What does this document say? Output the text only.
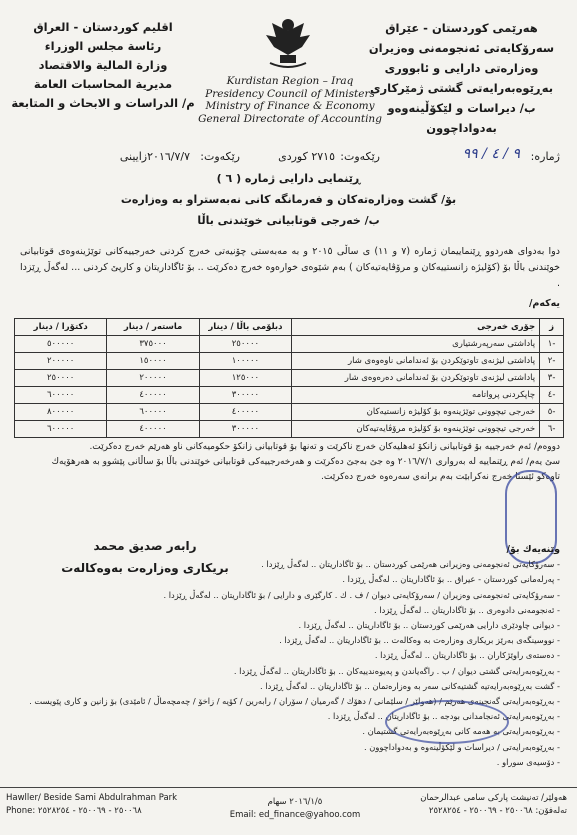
هەرێمی كوردستان - عێراق
سەرۆكایەتی ئەنجومەنی وەزیران
وەزارەتی دارایی و ئابووری
بەڕێوەبەرایەتی گشتی ژمێركاری
ب/ دیراسات و لێكۆڵینەوەو بەدواداچوون
اقليم كوردستان - العراق
رئاسة مجلس الوزراء
وزارة المالية والاقتصاد
مديرية المحاسبات العامة
م/ الدراسات و الابحاث و المتابعة
Kurdistan Region – Iraq
Presidency Council of Ministers
Ministry of Finance & Economy
General Directorate of Accounting
ژمارە:
٩ / ٤ / ٩٩
رێكەوت:
٢٧١٥ كوردی
رێكەوت:
٢٠١٦/٧/٧زایینی
ڕێنمایی دارایی ژمارە ( ٦ )
بۆ/ گشت وەزارەتەكان و فەرمانگە كانی نەبەستراو بە وەزارەت
ب/ خەرجی قوتابیانی خوێندنی باڵا
دوا بەدوای هەردوو ڕێنماییمان ژمارە (٧ و ١١) ی ساڵی ٢٠١٥ و بە مەبەستی چۆنیەتی خەرج كردنی خەرجییەكانی توێژینەوەی قوتابیانی خوێندنی باڵا بۆ (كۆلیژە زانستییەكان و مرۆڤایەتیەكان ) بەم شێوەی خوارەوە خەرج دەكرێت .. بۆ ئاگاداریتان و كارپێ كردنی ... لەگەڵ ڕێزدا .
یەكەم/
ز	جۆری خەرجی	دبلۆمی باڵا / دینار	ماستەر / دینار	دكتۆرا / دینار
-١	پاداشتی سەرپەرشتیاری	٢٥٠٠٠٠	٣٧٥٠٠٠	٥٠٠٠٠٠
-٢	پاداشتی لیژنەی تاوتوێكردن بۆ ئەندامانی ناوەوەی شار	١٠٠٠٠٠	١٥٠٠٠٠	٢٠٠٠٠٠
-٣	پاداشتی لیژنەی تاوتوێكردن بۆ ئەندامانی دەرەوەی شار	١٢٥٠٠٠	٢٠٠٠٠٠	٢٥٠٠٠٠
-٤	چاپكردنی پرواتامە	٣٠٠٠٠٠	٤٠٠٠٠٠	٦٠٠٠٠٠
-٥	خەرجی تیچوونی توێژینەوە بۆ كۆلیژە زانستیەكان	٤٠٠٠٠٠	٦٠٠٠٠٠	٨٠٠٠٠٠
-٦	خەرجی تیچوونی توێژینەوە بۆ كۆلیژە مرۆڤایەتیەكان	٣٠٠٠٠٠	٤٠٠٠٠٠	٦٠٠٠٠٠
دووەم/ ئەم خەرجییە بۆ قوتابیانی زانكۆ ئەهلیەكان خەرج ناكرێت و تەنها بۆ قوتابیانی زانكۆ حكومیەكانی ناو هەرێم خەرج دەكرێت.
سێ یەم/ ئەم ڕێنماییە لە بەرواری ٢٠١٦/٧/١ وە جێ بەجێ دەكرێت و هەرخەرجییەكی قوتابیانی خوێندنی باڵا بۆ ساڵانی پێشوو بە هەرهۆیەك
تاوەكو ئێستا خەرج نەكرابێت بەم برانەی سەرەوە خەرج دەكرێت.
رابەر صدیق محمد
بریكاری وەزارەت بەوەكالەت
وێنەیەك بۆ/
- سەرۆكایەتی ئەنجومەنی وەزیرانی هەرێمی كوردستان .. بۆ ئاگاداریتان .. لەگەڵ ڕێزدا .
- پەرلەمانی كوردستان - عیراق .. بۆ ئاگاداریتان .. لەگەڵ ڕێزدا .
- سەرۆكایەتی ئەنجومەنی وەزیران / سەرۆكایەتی دیوان / ف . ك . كارگێری و دارایی / بۆ ئاگاداریتان .. لەگەڵ ڕێزدا .
- ئەنجومەنی دادوەری .. بۆ ئاگاداریتان .. لەگەڵ ڕێزدا .
- دیوانی چاودێری دارایی هەرێمی كوردستان .. بۆ ئاگاداریتان .. لەگەڵ ڕێزدا .
- نووسینگەی بەرێز بریكاری وەزارەت بە وەكالەت .. بۆ ئاگاداریتان .. لەگەڵ ڕێزدا .
- دەستەی راوێژكاران .. بۆ ئاگاداریتان .. لەگەڵ ڕێزدا .
- بەڕێوەبەرایەتی گشتی دیوان / ب . راگەیاندن و پەیوەندییەكان .. بۆ ئاگاداریتان .. لەگەڵ ڕێزدا .
- گشت بەڕێوەبەرایەتیە گشتیەكانی سەر بە وەزارەتمان .. بۆ ئاگاداریتان .. لەگەڵ ڕێزدا .
- بەڕێوەبەرایەتی گەنجینەی هەرێم / (هەولێر / سلێمانی / دهۆك / گەرمیان / سۆران / رابەرین / كۆیە / زاخۆ / چەمچەماڵ / ئامێدی) بۆ زانین و كاری پێویست .
- بەڕێوەبەرایەتی ئەنجامدانی بودجە .. بۆ ئاگاداریتان .. لەگەڵ ڕێزدا .
- بەڕێوەبەرایەتی بە هەمە كانی بەڕێوەبەرایەتی گشتیمان .
- بەڕێوەبەرایەتی / دیراسات و لێكۆڵینەوە و بەدواداچوون .
- دۆسیەی سوراو .
Hawller/ Beside Sami Abdulrahman Park
Phone: ٢٥٠٠٦٨ - ٢٥٠٠٦٩ - ٢٥٢٨٢٥٤
٢٠١٦/١/٥ سهام
Email: ed_finance@yahoo.com
هەولێر/ تەنیشت پاركی سامی عبدالرحمان
تەلەفۆن: ٢٥٠٠٦٨ - ٢٥٠٠٦٩ - ٢٥٢٨٢٥٤
